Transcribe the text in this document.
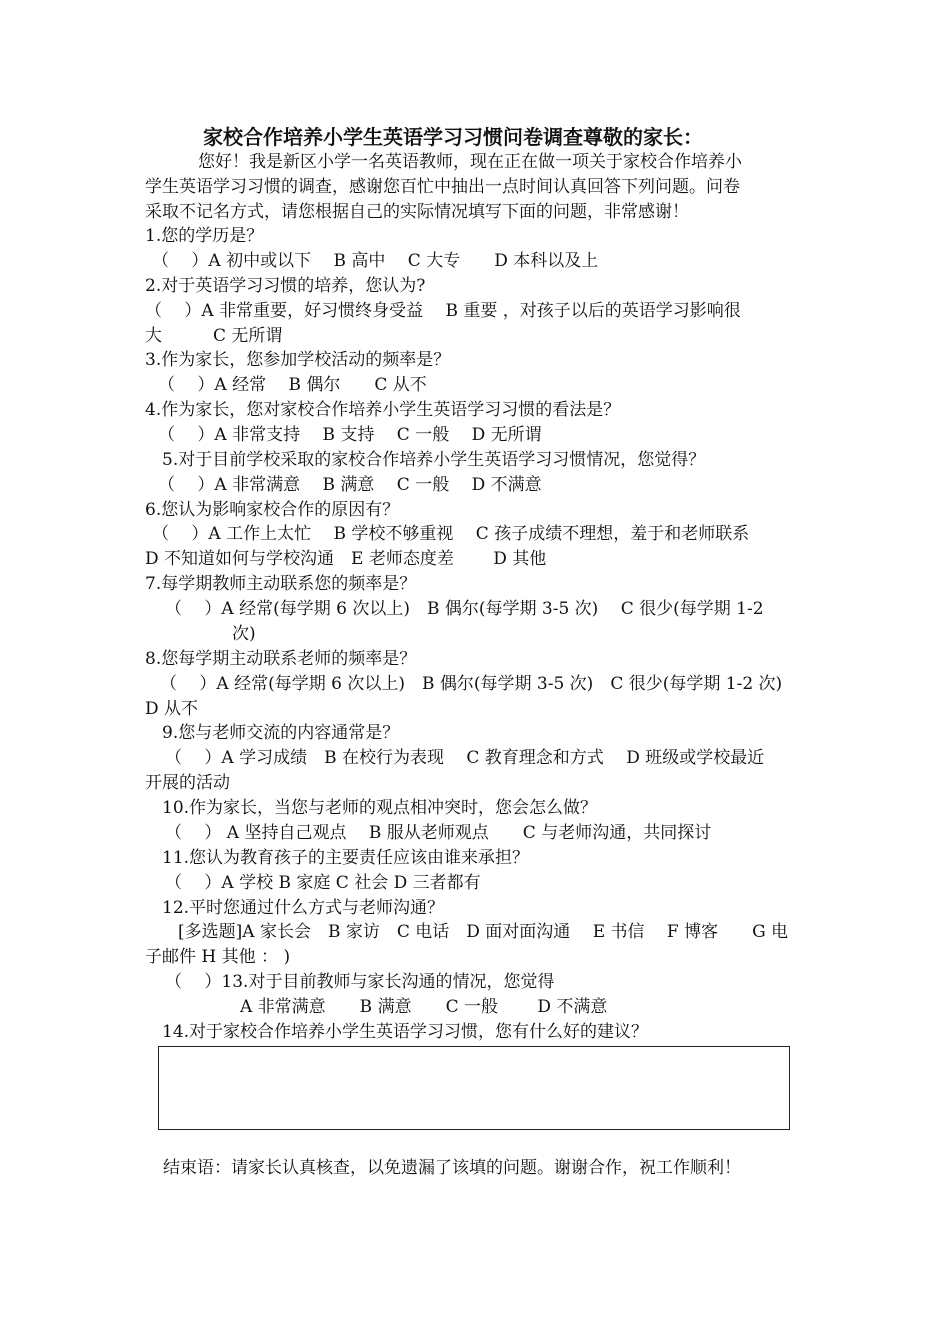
家校合作培养小学生英语学习习惯问卷调查尊敬的家长：
您好！我是新区小学一名英语教师，现在正在做一项关于家校合作培养小
学生英语学习习惯的调查，感谢您百忙中抽出一点时间认真回答下列问题。问卷
采取不记名方式，请您根据自己的实际情况填写下面的问题，非常感谢！
1.您的学历是？
（　 ）A 初中或以下　 B 高中　 C 大专　　D 本科以及上
2.对于英语学习习惯的培养，您认为?
（　 ）A 非常重要，好习惯终身受益　 B 重要 ，对孩子以后的英语学习影响很
大　　　C 无所谓
3.作为家长，您参加学校活动的频率是？
（　 ）A 经常　 B 偶尔　　C 从不
4.作为家长，您对家校合作培养小学生英语学习习惯的看法是？
（　 ）A 非常支持　 B 支持　 C 一般　 D 无所谓
5.对于目前学校采取的家校合作培养小学生英语学习习惯情况，您觉得？
（　 ）A 非常满意　 B 满意　 C 一般　 D 不满意
6.您认为影响家校合作的原因有？
（　 ）A 工作上太忙　 B 学校不够重视　 C 孩子成绩不理想，羞于和老师联系
D 不知道如何与学校沟通　E 老师态度差　　 D 其他
7.每学期教师主动联系您的频率是？
（　 ）A 经常(每学期 6 次以上)　B 偶尔(每学期 3-5 次)　 C 很少(每学期 1-2
次)
8.您每学期主动联系老师的频率是？
（　 ）A 经常(每学期 6 次以上)　B 偶尔(每学期 3-5 次)　C 很少(每学期 1-2 次)
D 从不
9.您与老师交流的内容通常是？
（　 ）A 学习成绩　B 在校行为表现　 C 教育理念和方式　 D 班级或学校最近
开展的活动
10.作为家长，当您与老师的观点相冲突时，您会怎么做？
（　 ） A 坚持自己观点　 B 服从老师观点　　C 与老师沟通，共同探讨
11.您认为教育孩子的主要责任应该由谁来承担？
（　 ）A 学校 B 家庭 C 社会 D 三者都有
12.平时您通过什么方式与老师沟通？
[多选题]A 家长会　B 家访　C 电话　D 面对面沟通　 E 书信　 F 博客　　G 电
子邮件 H 其他 ： )
（　 ）13.对于目前教师与家长沟通的情况，您觉得
A 非常满意　　B 满意　　C 一般　　 D 不满意
14.对于家校合作培养小学生英语学习习惯，您有什么好的建议？
结束语：请家长认真核查，以免遗漏了该填的问题。谢谢合作，祝工作顺利！
